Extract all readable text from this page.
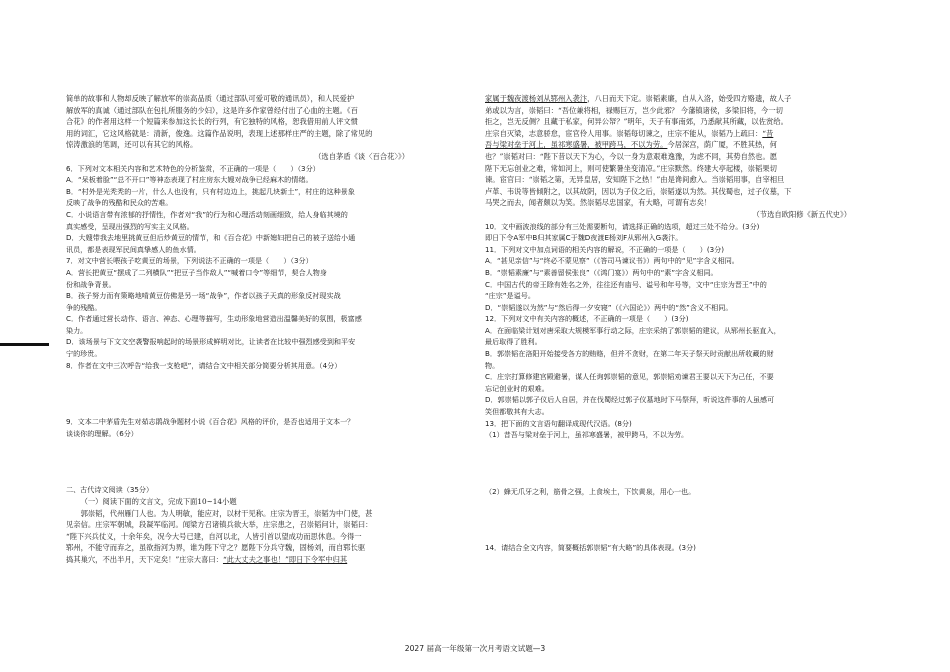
简单的故事和人物却反映了解放军的崇高品质（通过部队可爱可敬的通讯员），和人民爱护

解放军的真诚（通过部队在包扎所服务的少妇），这是许多作家曾经付出了心血的主题。《百

合花》的作者用这样一个短篇来参加这长长的行列，有它独特的风格，恕我借用前人评文惯

用的词汇，它这风格就是：清新，俊逸。这篇作品说明，表现上述那样庄严的主题，除了常见的

惊涛激浪的笔调，还可以有其它的风格。

（选自茅盾《谈〈百合花〉》）

6．下列对文本相关内容和艺术特色的分析鉴赏，不正确的一项是（　　）（3分）

A．“呆板着脸”“总不开口”等神态表现了村庄房东大嫂对战争已经麻木的情绪。

B．“村外是光秃秃的一片，什么人也没有，只有村边边上，挑起几块新土”，村庄的这种景象

反映了战争的残酷和民众的苦难。

C．小说语言带有浓郁的抒情性，作者对“我”的行为和心理活动刻画细致，给人身临其境的

真实感受，呈现出强烈的写实主义风格。

D．大嫂带我去地里挑黄豆但后炒黄豆的情节，和《百合花》中新媳妇把自己的被子送给小通

讯员，都是表现军民间真挚感人的鱼水情。

7．对文中营长喂孩子吃黄豆的场景，下列说法不正确的一项是（　　）（3分）

A．营长把黄豆“摆成了二列横队”“把豆子当作敌人”“喊着口令”等细节，契合人物身

份和战争背景。

B．孩子努力而有策略地啃黄豆仿佛是另一场“战争”，作者以孩子天真的形象反衬现实战

争的残酷。

C．作者通过营长动作、语言、神态、心理等描写，生动形象地营造出温馨美好的氛围，极富感

染力。

D．该场景与下文文空袭警报响起时的场景形成鲜明对比，让读者在比较中强烈感受到和平安

宁的珍贵。

8．作者在文中三次呼告“给我一支枪吧”，请结合文中相关部分简要分析其用意。（4分）

9．文本二中茅盾先生对茹志鹃战争题材小说《百合花》风格的评价，是否也适用于文本一？

谈谈你的理解。（6分）

二、古代诗文阅读（35分）

（一）阅读下面的文言文，完成下面10~14小题

郭崇韬，代州雁门人也。为人明敏，能应对，以材干见称。庄宗为晋王，崇韬为中门使，甚

见亲信。庄宗军朝城，段凝军临河。闻梁方召诸镇兵欲大举，庄宗患之，召崇韬问计，崇韬曰：

“陛下兴兵仗义，十余年矣，况今大号已建，自河以北，人皆引首以望成功而思休息。今得一

郓州，不能守而弃之，虽欲指河为界，谁为陛下守之？愿陛下分兵守魏，固杨刘，而自郓长驱

捣其巢穴，不出半月，天下定矣！”庄宗大喜曰：“此大丈夫之事也！”即日下令军中归其

家属于魏夜渡杨刘从郓州入袭汴，八日而天下定。崇韬素廉，自从入洛，始受四方赂遗，故人子

弟或以为言，崇韬曰：“吾位兼将相，禄赐巨万，岂少此邪？ 今藩镇诸侯，多梁旧将，今一切

拒之，岂无反侧？且藏于私家，何异公帑？”明年，天子有事南郊，乃悉献其所藏，以佐赏给。

庄宗自灭梁，志意骄怠，宦官伶人用事。崇韬每切谏之，庄宗不能从，崇韬乃上疏曰：“昔

吾与梁对垒于河上，虽祁寒盛暑，被甲跨马，不以为劳。今居深宫，荫广厦，不胜其热，何

也？”崇韬对曰：“陛下昔以天下为心，今以一身为意艰难逸豫，为虑不同，其势自然也。愿

陛下无忘创业之难，常如河上，则可使繁暑坐变清凉。”庄宗默然。终建大亭起楼，崇韬果切

谏。宦官曰：“崇韬之第，无异皇居，安知陛下之热！”由是谗间愈入。当崇韬用事，自宰相旦

卢革、韦说等皆倾附之，以其故阴，因以为子仪之后，崇韬遂以为然。其伐蜀也，过子仪墓，下

马哭之而去，闻者颇以为笑。然崇韬尽忠国家，有大略，可谓有志矣！

（节选自欧阳修《新五代史》）

10．文中画波浪线的部分有三处需要断句，请选择正确的选项，超过三处不给分。(3分)

即日下令A军中B归其家属C于魏D夜渡E杨刘F从郓州入G袭汴。

11．下列对文中加点词语的相关内容的解说，不正确的一项是（　　）(3分)

A．“甚见亲信”与“终必不蒙见察”（《答司马谏议书》）两句中的“见”字含义相同。

B．“崇韬素廉”与“素善留侯张良”（《鸿门宴》）两句中的“素”字含义相同。

C．中国古代的帝王除有姓名之外，往往还有庙号、谥号和年号等，文中“庄宗为晋王”中的

“庄宗”是谥号。

D．“崇韬遂以为然”与“然后得一夕安寝”（《六国论》）两中的“然”含义不相同。

12．下列对文中有关内容的概述，不正确的一项是（　　）(3分)

A．在面临梁计划对唐采取大规模军事行动之际，庄宗采纳了郭崇韬的建议，从郓州长驱直入，

最后取得了胜利。

B．郭崇韬在洛阳开始接受各方的贿赂，但并不贪财，在第二年天子祭天时贡献出所收藏的财

物。

C．庄宗打算修建宫殿避暑，谋人任询郭崇韬的意见，郭崇韬劝谏君王要以天下为己任，不要

忘记创业时的艰难。

D．郭崇韬以郭子仪后人自居，并在伐蜀经过郭子仪墓地时下马祭拜，听说这件事的人虽感可

笑但都敬其有大志。

13．把下面的文言语句翻译成现代汉语。(8分)

（1）昔吾与梁对垒于河上，虽祁寒盛暑，被甲跨马，不以为劳。

（2）蜂无爪牙之利，筋骨之强，上食埃土，下饮黄泉，用心一也。

14．请结合全文内容，简要概括郭崇韬“有大略”的具体表现。(3分)

2027 届高一年级第一次月考语文试题—3
